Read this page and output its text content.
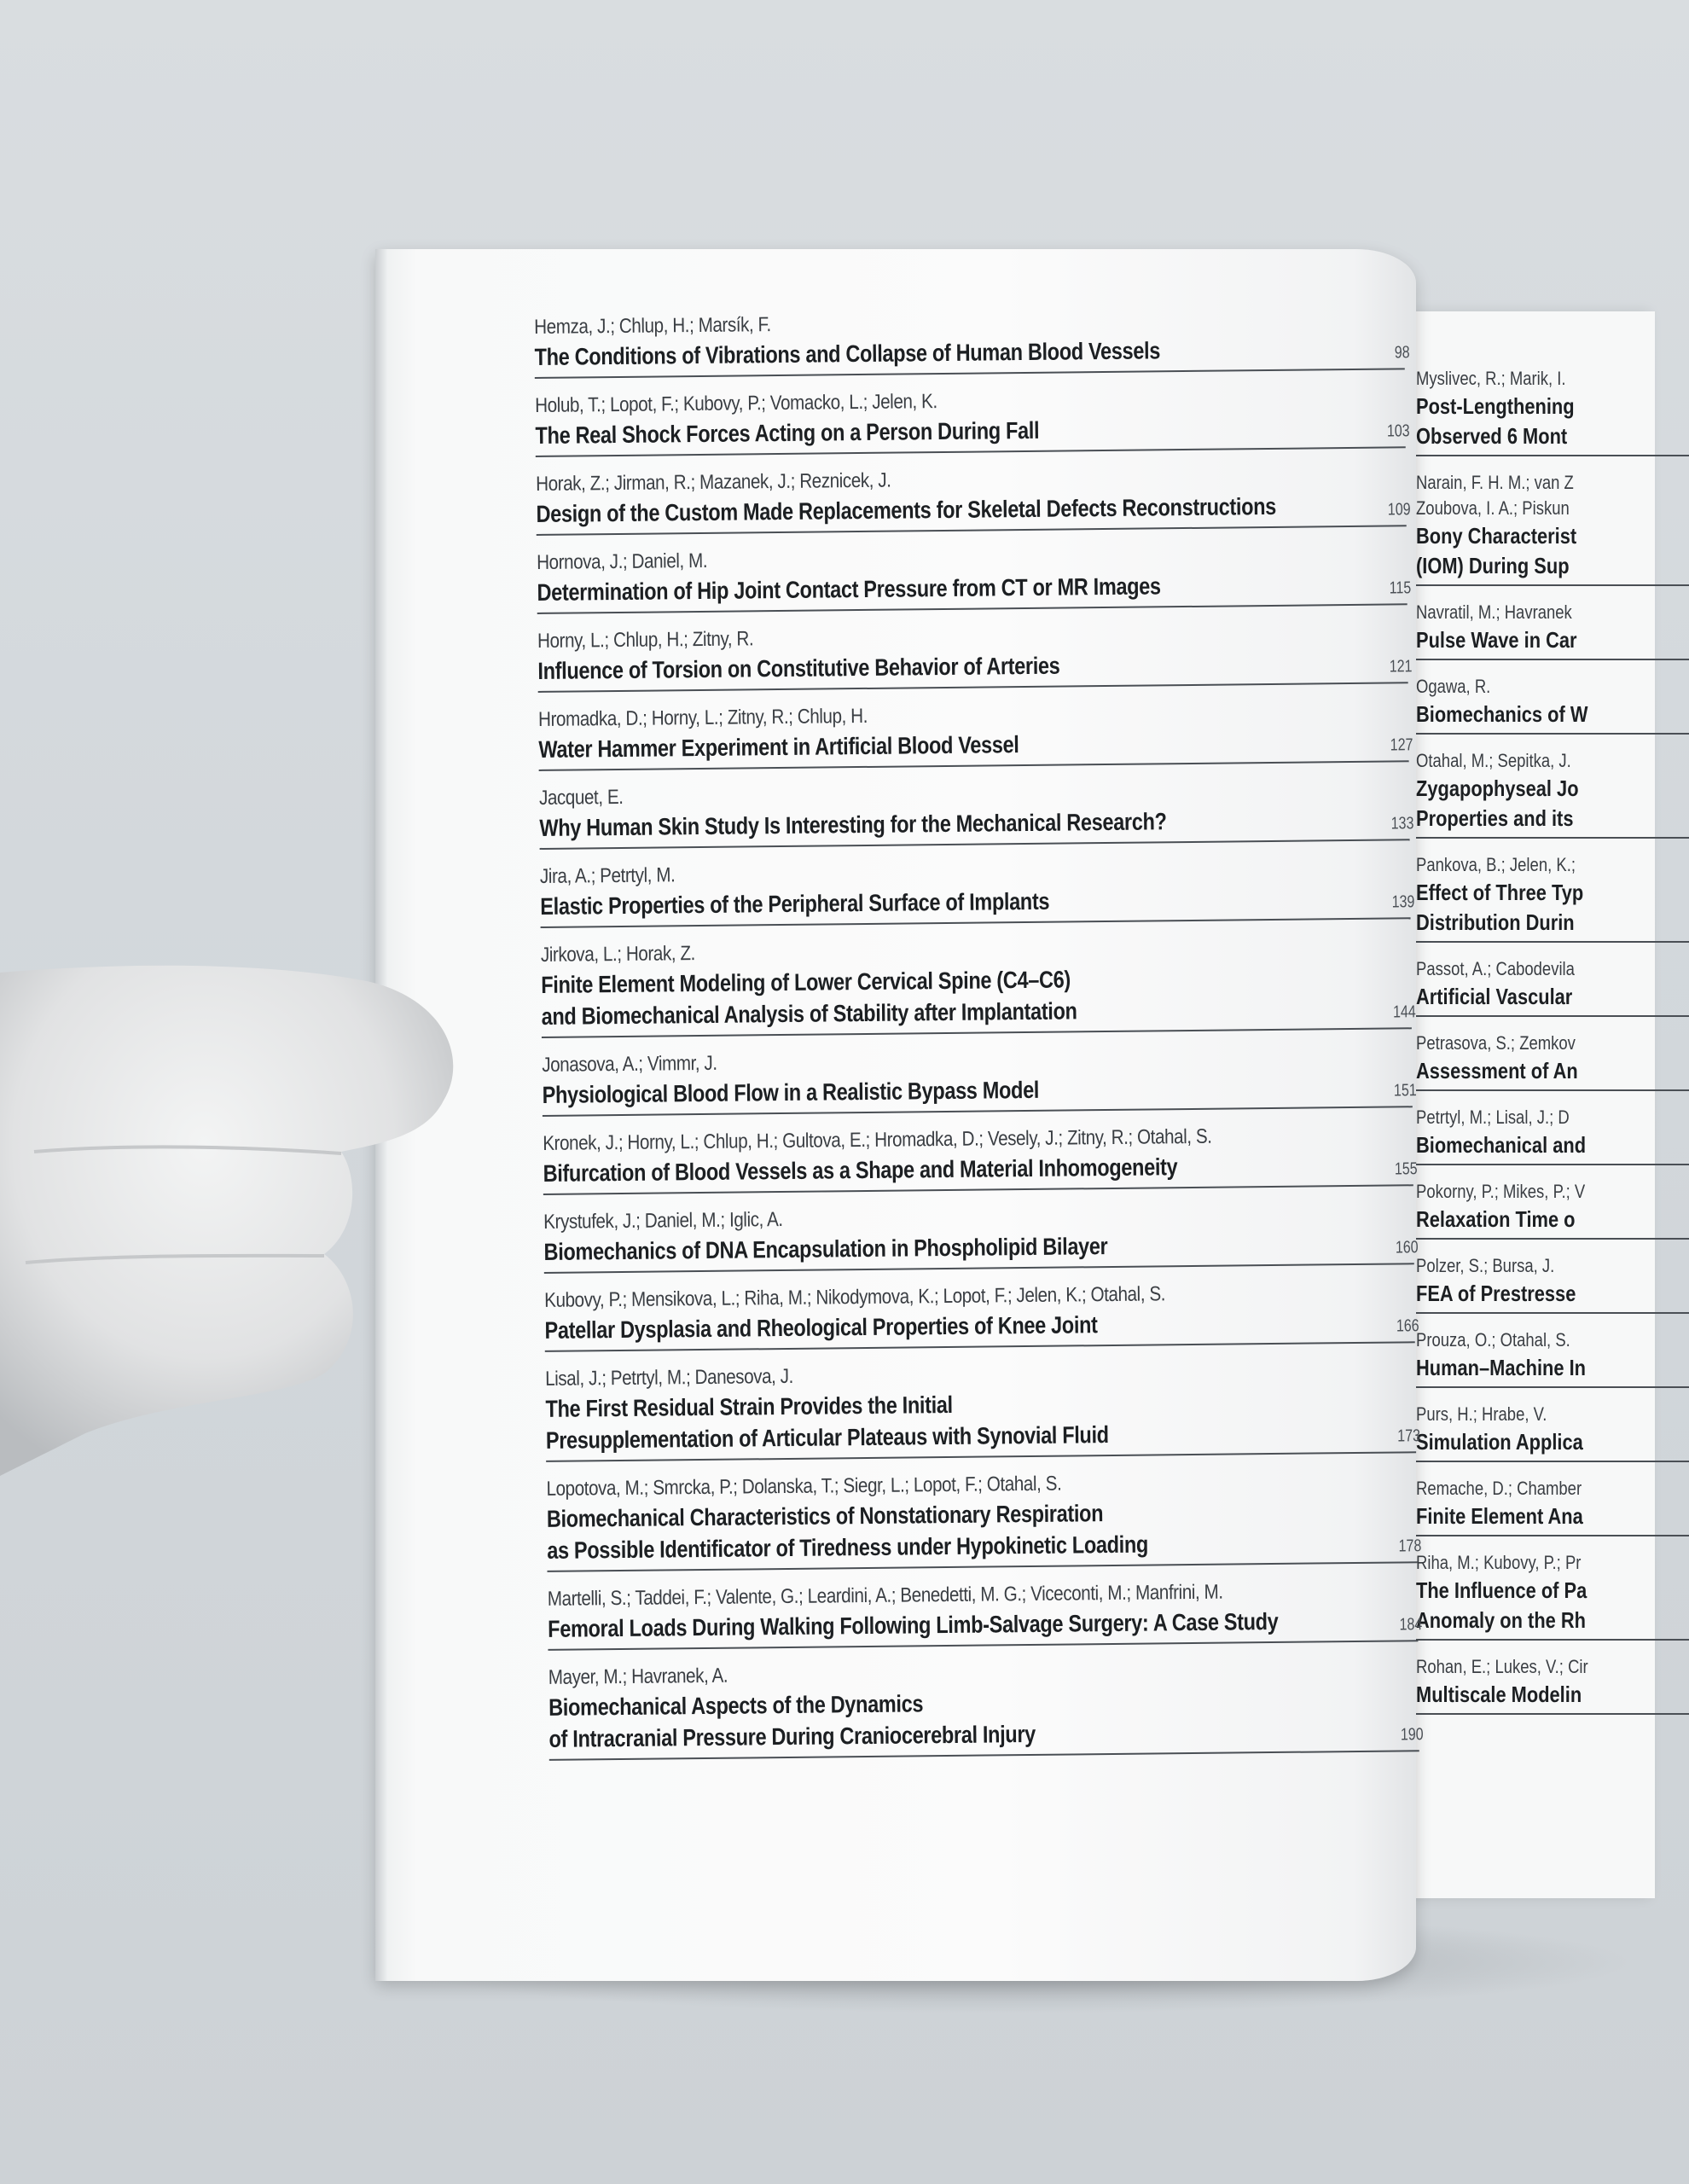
Myslivec, R.; Marik, I.
Post-Lengthening
Observed 6 Mont
Narain, F. H. M.; van Z
Zoubova, I. A.; Piskun
Bony Characterist
(IOM) During Sup
Navratil, M.; Havranek
Pulse Wave in Car
Ogawa, R.
Biomechanics of W
Otahal, M.; Sepitka, J.
Zygapophyseal Jo
Properties and its
Pankova, B.; Jelen, K.;
Effect of Three Typ
Distribution Durin
Passot, A.; Cabodevila
Artificial Vascular
Petrasova, S.; Zemkov
Assessment of An
Petrtyl, M.; Lisal, J.; D
Biomechanical and
Pokorny, P.; Mikes, P.; V
Relaxation Time o
Polzer, S.; Bursa, J.
FEA of Prestresse
Prouza, O.; Otahal, S.
Human–Machine In
Purs, H.; Hrabe, V.
Simulation Applica
Remache, D.; Chamber
Finite Element Ana
Riha, M.; Kubovy, P.; Pr
The Influence of Pa
Anomaly on the Rh
Rohan, E.; Lukes, V.; Cir
Multiscale Modelin
Hemza, J.; Chlup, H.; Marsík, F.
The Conditions of Vibrations and Collapse of Human Blood Vessels	98
Holub, T.; Lopot, F.; Kubovy, P.; Vomacko, L.; Jelen, K.
The Real Shock Forces Acting on a Person During Fall	103
Horak, Z.; Jirman, R.; Mazanek, J.; Reznicek, J.
Design of the Custom Made Replacements for Skeletal Defects Reconstructions	109
Hornova, J.; Daniel, M.
Determination of Hip Joint Contact Pressure from CT or MR Images	115
Horny, L.; Chlup, H.; Zitny, R.
Influence of Torsion on Constitutive Behavior of Arteries	121
Hromadka, D.; Horny, L.; Zitny, R.; Chlup, H.
Water Hammer Experiment in Artificial Blood Vessel	127
Jacquet, E.
Why Human Skin Study Is Interesting for the Mechanical Research?	133
Jira, A.; Petrtyl, M.
Elastic Properties of the Peripheral Surface of Implants	139
Jirkova, L.; Horak, Z.
Finite Element Modeling of Lower Cervical Spine (C4–C6)
and Biomechanical Analysis of Stability after Implantation	144
Jonasova, A.; Vimmr, J.
Physiological Blood Flow in a Realistic Bypass Model	151
Kronek, J.; Horny, L.; Chlup, H.; Gultova, E.; Hromadka, D.; Vesely, J.; Zitny, R.; Otahal, S.
Bifurcation of Blood Vessels as a Shape and Material Inhomogeneity	155
Krystufek, J.; Daniel, M.; Iglic, A.
Biomechanics of DNA Encapsulation in Phospholipid Bilayer	160
Kubovy, P.; Mensikova, L.; Riha, M.; Nikodymova, K.; Lopot, F.; Jelen, K.; Otahal, S.
Patellar Dysplasia and Rheological Properties of Knee Joint	166
Lisal, J.; Petrtyl, M.; Danesova, J.
The First Residual Strain Provides the Initial
Presupplementation of Articular Plateaus with Synovial Fluid	173
Lopotova, M.; Smrcka, P.; Dolanska, T.; Siegr, L.; Lopot, F.; Otahal, S.
Biomechanical Characteristics of Nonstationary Respiration
as Possible Identificator of Tiredness under Hypokinetic Loading	178
Martelli, S.; Taddei, F.; Valente, G.; Leardini, A.; Benedetti, M. G.; Viceconti, M.; Manfrini, M.
Femoral Loads During Walking Following Limb-Salvage Surgery: A Case Study	184
Mayer, M.; Havranek, A.
Biomechanical Aspects of the Dynamics
of Intracranial Pressure During Craniocerebral Injury	190
